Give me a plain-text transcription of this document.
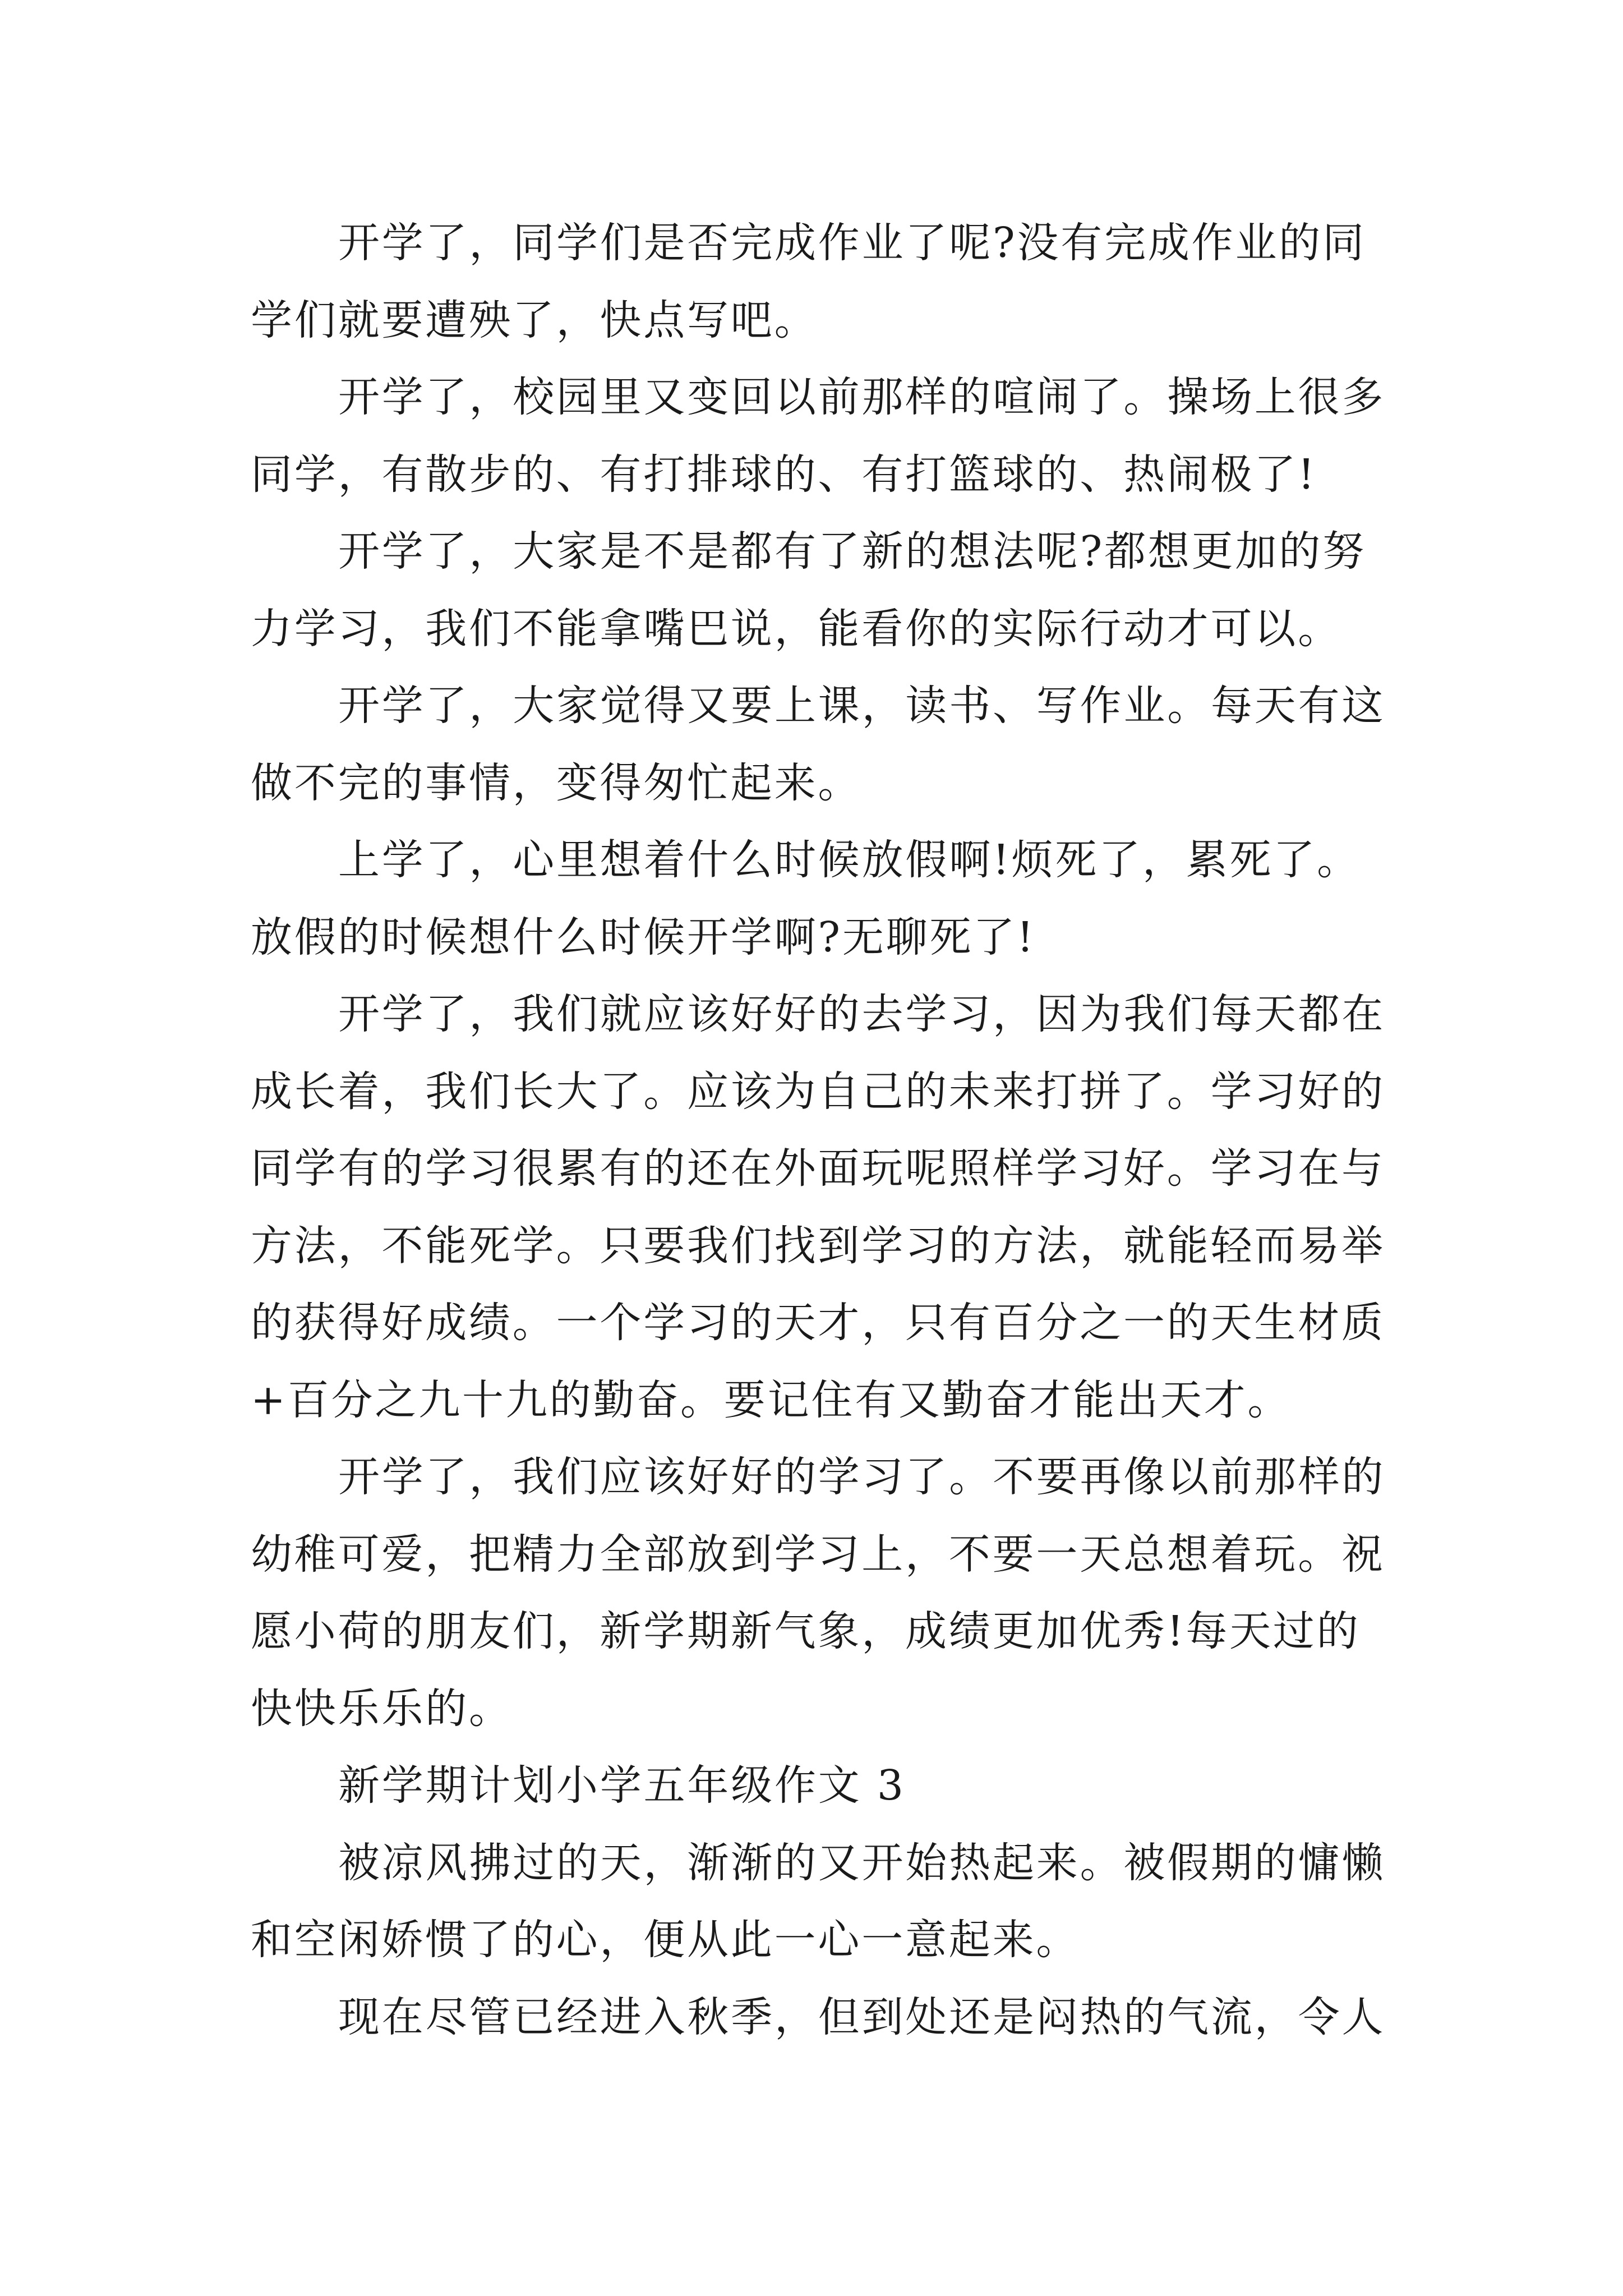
开学了，同学们是否完成作业了呢?没有完成作业的同
学们就要遭殃了，快点写吧。
开学了，校园里又变回以前那样的喧闹了。操场上很多
同学，有散步的、有打排球的、有打篮球的、热闹极了!
开学了，大家是不是都有了新的想法呢?都想更加的努
力学习，我们不能拿嘴巴说，能看你的实际行动才可以。
开学了，大家觉得又要上课，读书、写作业。每天有这
做不完的事情，变得匆忙起来。
上学了，心里想着什么时候放假啊!烦死了，累死了。
放假的时候想什么时候开学啊?无聊死了!
开学了，我们就应该好好的去学习，因为我们每天都在
成长着，我们长大了。应该为自己的未来打拼了。学习好的
同学有的学习很累有的还在外面玩呢照样学习好。学习在与
方法，不能死学。只要我们找到学习的方法，就能轻而易举
的获得好成绩。一个学习的天才，只有百分之一的天生材质
+百分之九十九的勤奋。要记住有又勤奋才能出天才。
开学了，我们应该好好的学习了。不要再像以前那样的
幼稚可爱，把精力全部放到学习上，不要一天总想着玩。祝
愿小荷的朋友们，新学期新气象，成绩更加优秀!每天过的
快快乐乐的。
新学期计划小学五年级作文 3
被凉风拂过的天，渐渐的又开始热起来。被假期的慵懒
和空闲娇惯了的心，便从此一心一意起来。
现在尽管已经进入秋季，但到处还是闷热的气流，令人
